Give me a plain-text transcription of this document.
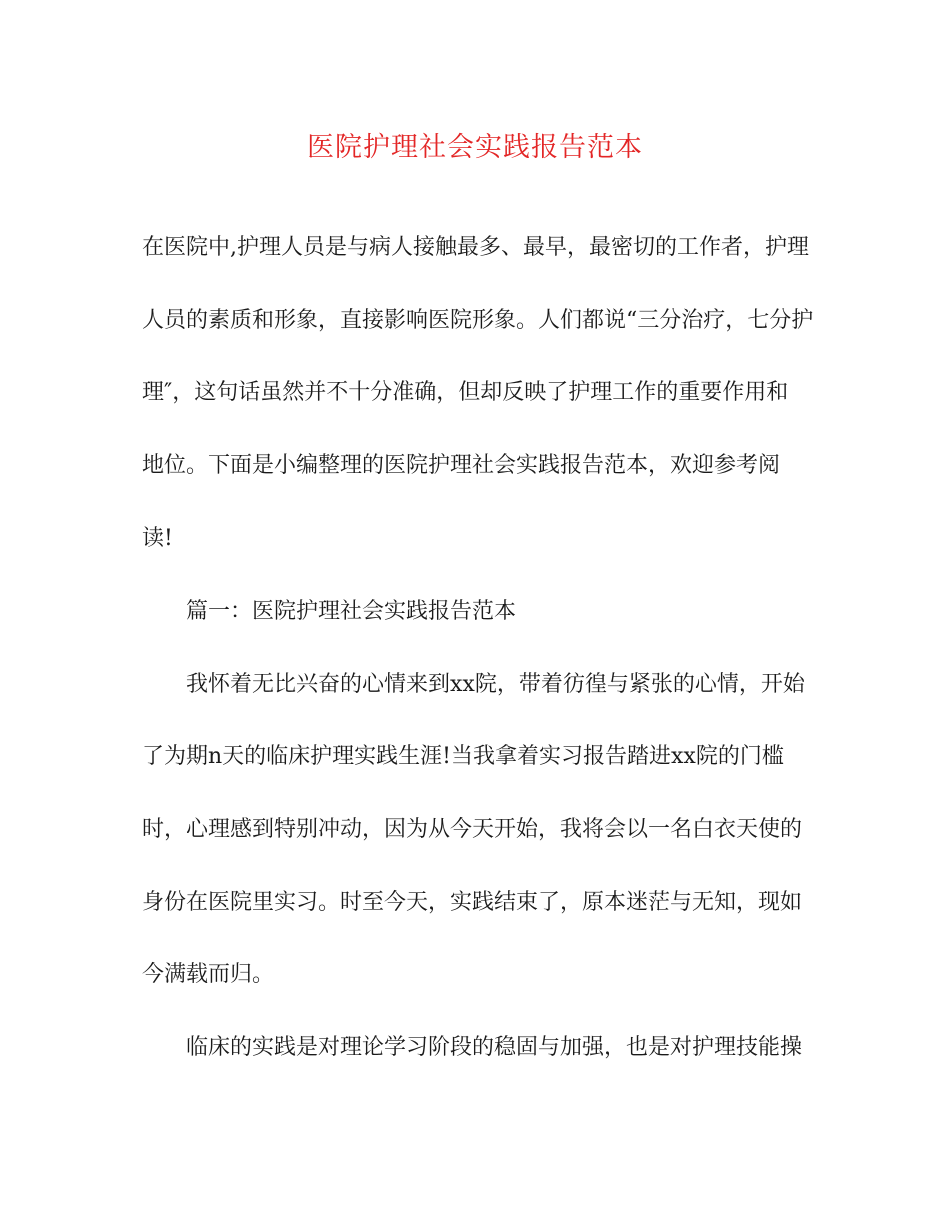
医院护理社会实践报告范本
在医院中,护理人员是与病人接触最多、最早，最密切的工作者，护理
人员的素质和形象，直接影响医院形象。人们都说“三分治疗，七分护
理″，这句话虽然并不十分准确，但却反映了护理工作的重要作用和
地位。下面是小编整理的医院护理社会实践报告范本，欢迎参考阅
读!
篇一：医院护理社会实践报告范本
我怀着无比兴奋的心情来到xx院，带着彷徨与紧张的心情，开始
了为期n天的临床护理实践生涯!当我拿着实习报告踏进xx院的门槛
时，心理感到特别冲动，因为从今天开始，我将会以一名白衣天使的
身份在医院里实习。时至今天，实践结束了，原本迷茫与无知，现如
今满载而归。
临床的实践是对理论学习阶段的稳固与加强，也是对护理技能操
